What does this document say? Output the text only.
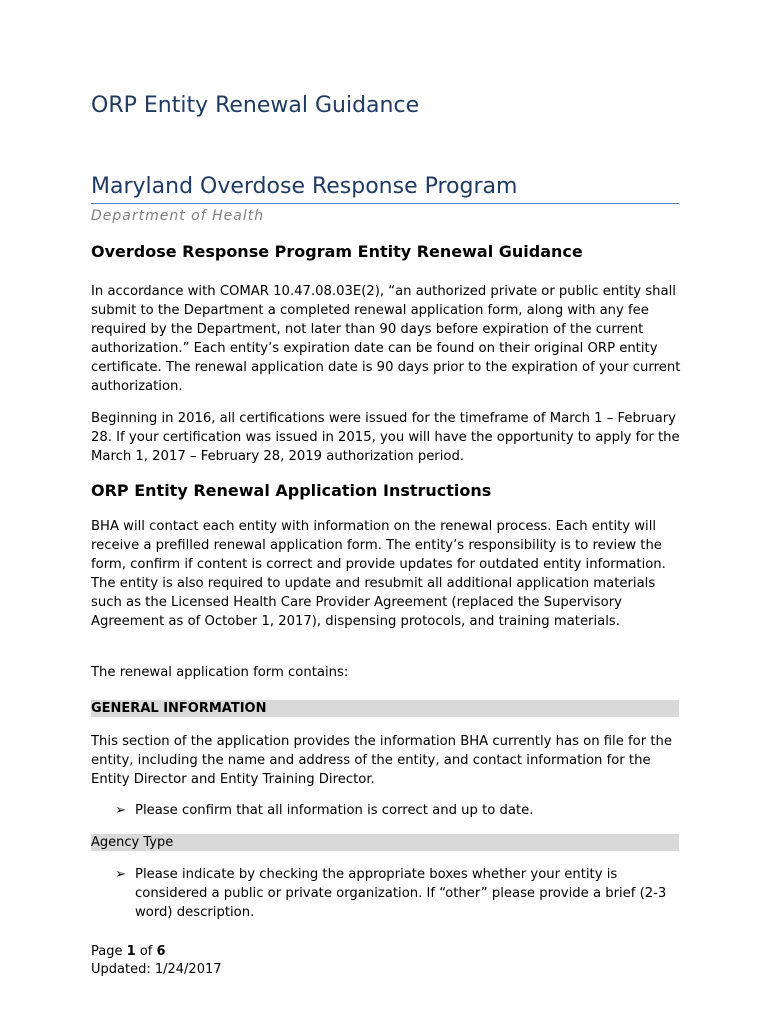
ORP Entity Renewal Guidance
Maryland Overdose Response Program

Department of Health

Overdose Response Program Entity Renewal Guidance

In accordance with COMAR 10.47.08.03E(2), “an authorized private or public entity shall submit to the Department a completed renewal application form, along with any fee required by the Department, not later than 90 days before expiration of the current authorization.” Each entity’s expiration date can be found on their original ORP entity certificate. The renewal application date is 90 days prior to the expiration of your current authorization.

Beginning in 2016, all certifications were issued for the timeframe of March 1 – February 28. If your certification was issued in 2015, you will have the opportunity to apply for the March 1, 2017 – February 28, 2019 authorization period.

ORP Entity Renewal Application Instructions

BHA will contact each entity with information on the renewal process. Each entity will receive a prefilled renewal application form. The entity’s responsibility is to review the form, confirm if content is correct and provide updates for outdated entity information. The entity is also required to update and resubmit all additional application materials such as the Licensed Health Care Provider Agreement (replaced the Supervisory Agreement as of October 1, 2017), dispensing protocols, and training materials.

The renewal application form contains:

GENERAL INFORMATION

This section of the application provides the information BHA currently has on file for the entity, including the name and address of the entity, and contact information for the Entity Director and Entity Training Director.

➢ Please confirm that all information is correct and up to date.
Agency Type
➢ Please indicate by checking the appropriate boxes whether your entity is considered a public or private organization. If “other” please provide a brief (2-3 word) description.
Page 1 of 6
Updated: 1/24/2017
